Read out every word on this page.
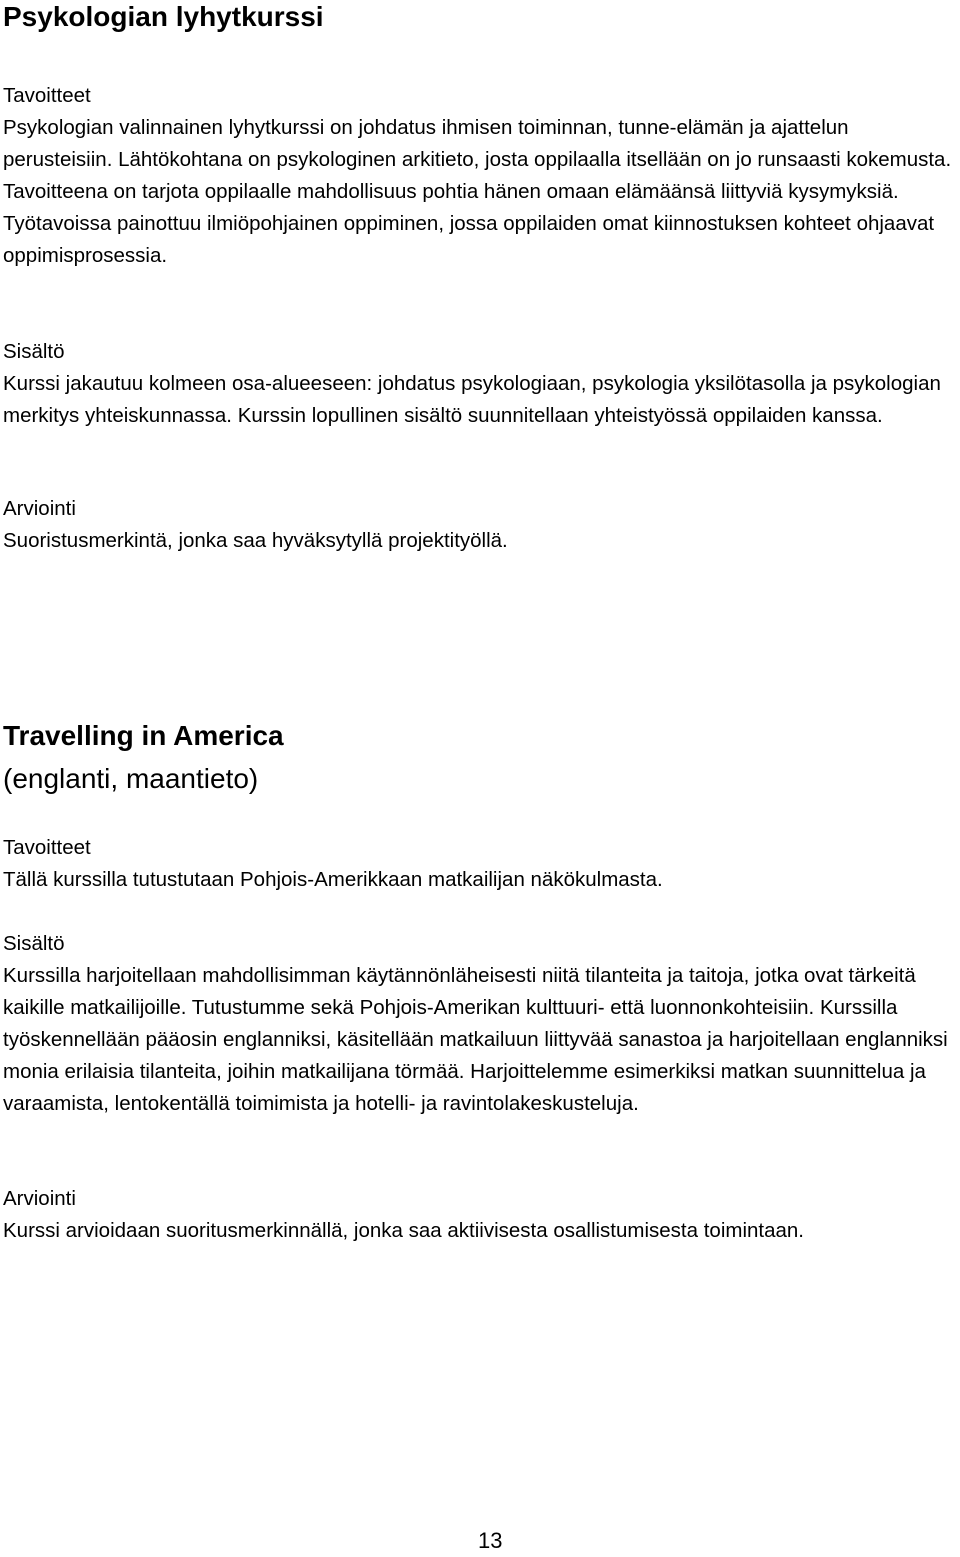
Psykologian lyhytkurssi

Tavoitteet

Psykologian valinnainen lyhytkurssi on johdatus ihmisen toiminnan, tunne-elämän ja ajattelun perusteisiin. Lähtökohtana on psykologinen arkitieto, josta oppilaalla itsellään on jo runsaasti kokemusta. Tavoitteena on tarjota oppilaalle mahdollisuus pohtia hänen omaan elämäänsä liittyviä kysymyksiä. Työtavoissa painottuu ilmiöpohjainen oppiminen, jossa oppilaiden omat kiinnostuksen kohteet ohjaavat oppimisprosessia.

Sisältö

Kurssi jakautuu kolmeen osa-alueeseen: johdatus psykologiaan, psykologia yksilötasolla ja psykologian merkitys yhteiskunnassa. Kurssin lopullinen sisältö suunnitellaan yhteistyössä oppilaiden kanssa.

Arviointi

Suoristusmerkintä, jonka saa hyväksytyllä projektityöllä.

Travelling in America
(englanti, maantieto)

Tavoitteet

Tällä kurssilla tutustutaan Pohjois-Amerikkaan matkailijan näkökulmasta.

Sisältö

Kurssilla harjoitellaan mahdollisimman käytännönläheisesti niitä tilanteita ja taitoja, jotka ovat tärkeitä kaikille matkailijoille. Tutustumme sekä Pohjois-Amerikan kulttuuri- että luonnonkohteisiin. Kurssilla työskennellään pääosin englanniksi, käsitellään matkailuun liittyvää sanastoa ja harjoitellaan englanniksi monia erilaisia tilanteita, joihin matkailijana törmää. Harjoittelemme esimerkiksi matkan suunnittelua ja varaamista, lentokentällä toimimista ja hotelli- ja ravintolakeskusteluja.

Arviointi

Kurssi arvioidaan suoritusmerkinnällä, jonka saa aktiivisesta osallistumisesta toimintaan.

13
